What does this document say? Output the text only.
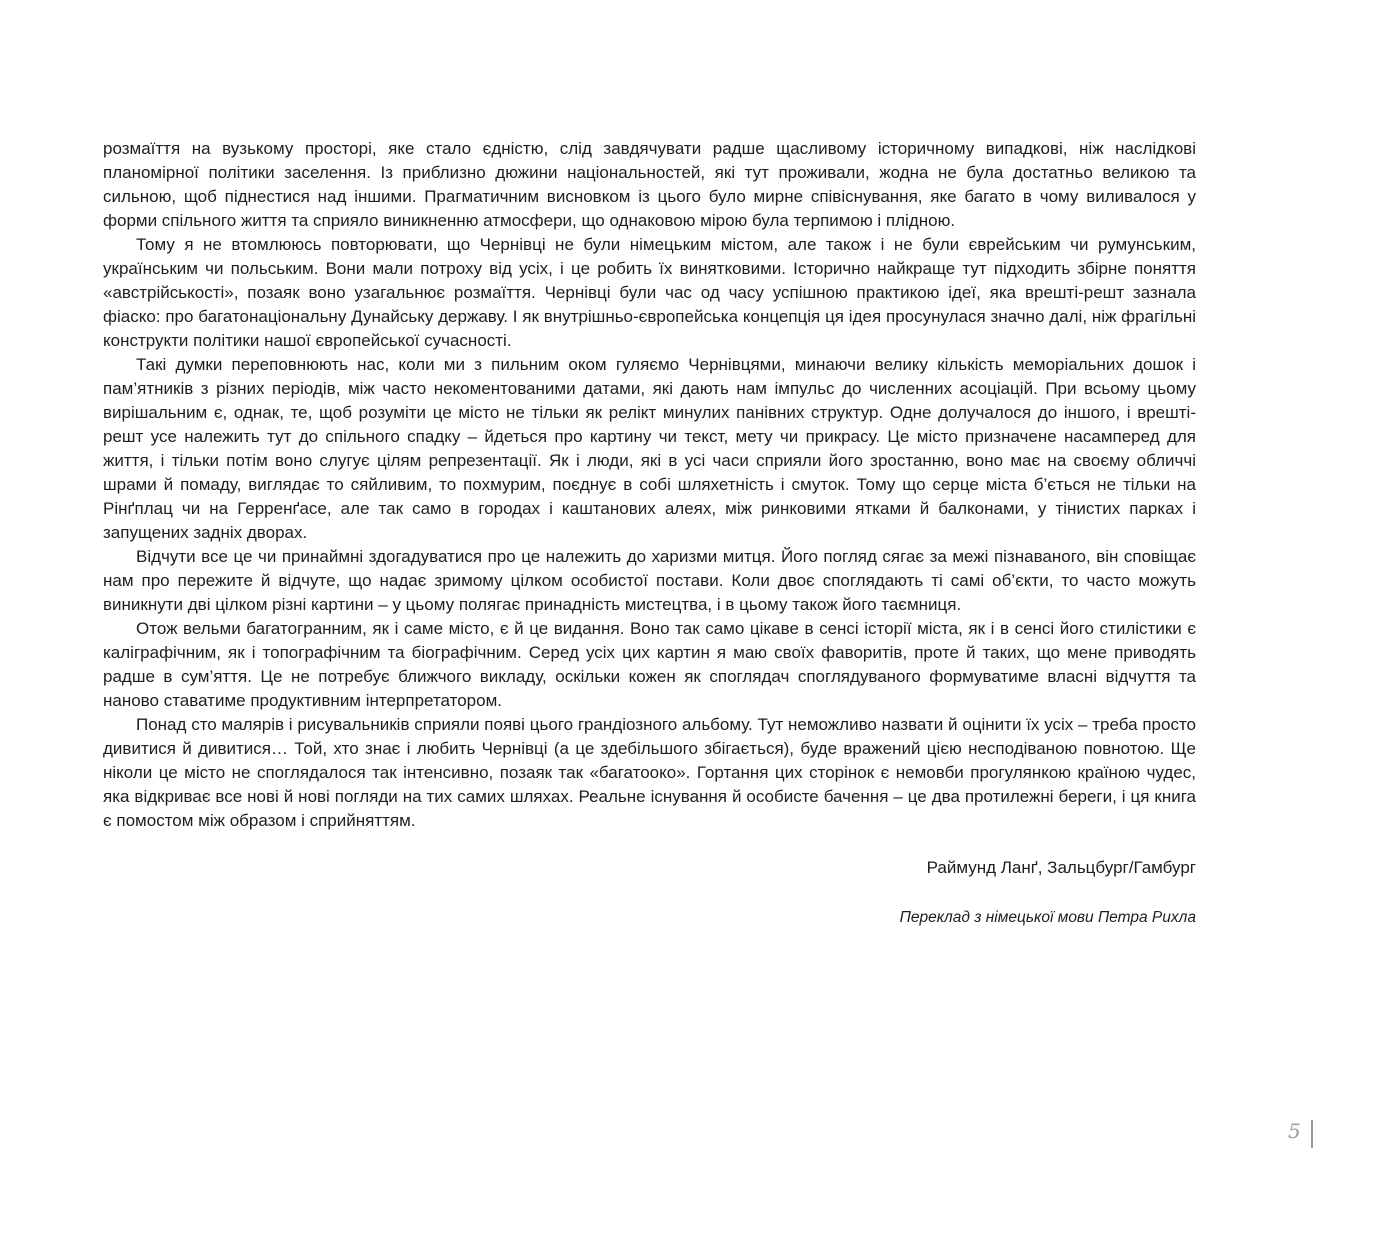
розмаїття на вузькому просторі, яке стало єдністю, слід завдячувати радше щасливому історичному випадкові, ніж наслідкові планомірної політики заселення. Із приблизно дюжини національностей, які тут проживали, жодна не була достатньо великою та сильною, щоб піднестися над іншими. Прагматичним висновком із цього було мирне співіснування, яке багато в чому виливалося у форми спільного життя та сприяло виникненню атмосфери, що однаковою мірою була терпимою і плідною.

Тому я не втомлююсь повторювати, що Чернівці не були німецьким містом, але також і не були єврейським чи румунським, українським чи польським. Вони мали потроху від усіх, і це робить їх винятковими. Історично найкраще тут підходить збірне поняття «австрійськості», позаяк воно узагальнює розмаїття. Чернівці були час од часу успішною практикою ідеї, яка врешті-решт зазнала фіаско: про багатонаціональну Дунайську державу. І як внутрішньо-європейська концепція ця ідея просунулася значно далі, ніж фрагільні конструкти політики нашої європейської сучасності.

Такі думки переповнюють нас, коли ми з пильним оком гуляємо Чернівцями, минаючи велику кількість меморіальних дошок і пам’ятників з різних періодів, між часто некоментованими датами, які дають нам імпульс до численних асоціацій. При всьому цьому вирішальним є, однак, те, щоб розуміти це місто не тільки як релікт минулих панівних структур. Одне долучалося до іншого, і врешті-решт усе належить тут до спільного спадку – йдеться про картину чи текст, мету чи прикрасу. Це місто призначене насамперед для життя, і тільки потім воно слугує цілям репрезентації. Як і люди, які в усі часи сприяли його зростанню, воно має на своєму обличчі шрами й помаду, виглядає то сяйливим, то похмурим, поєднує в собі шляхетність і смуток. Тому що серце міста б’ється не тільки на Рінґплац чи на Герренґасе, але так само в городах і каштанових алеях, між ринковими ятками й балконами, у тінистих парках і запущених задніх дворах.

Відчути все це чи принаймні здогадуватися про це належить до харизми митця. Його погляд сягає за межі пізнаваного, він сповіщає нам про пережите й відчуте, що надає зримому цілком особистої постави. Коли двоє споглядають ті самі об’єкти, то часто можуть виникнути дві цілком різні картини – у цьому полягає принадність мистецтва, і в цьому також його таємниця.

Отож вельми багатогранним, як і саме місто, є й це видання. Воно так само цікаве в сенсі історії міста, як і в сенсі його стилістики є каліграфічним, як і топографічним та біографічним. Серед усіх цих картин я маю своїх фаворитів, проте й таких, що мене приводять радше в сум’яття. Це не потребує ближчого викладу, оскільки кожен як споглядач споглядуваного формуватиме власні відчуття та наново ставатиме продуктивним інтерпретатором.

Понад сто малярів і рисувальників сприяли появі цього грандіозного альбому. Тут неможливо назвати й оцінити їх усіх – треба просто дивитися й дивитися… Той, хто знає і любить Чернівці (а це здебільшого збігається), буде вражений цією несподіваною повнотою. Ще ніколи це місто не споглядалося так інтенсивно, позаяк так «багатооко». Гортання цих сторінок є немовби прогулянкою країною чудес, яка відкриває все нові й нові погляди на тих самих шляхах. Реальне існування й особисте бачення – це два протилежні береги, і ця книга є помостом між образом і сприйняттям.

Раймунд Ланґ, Зальцбург/Гамбург
Переклад з німецької мови Петра Рихла
5
